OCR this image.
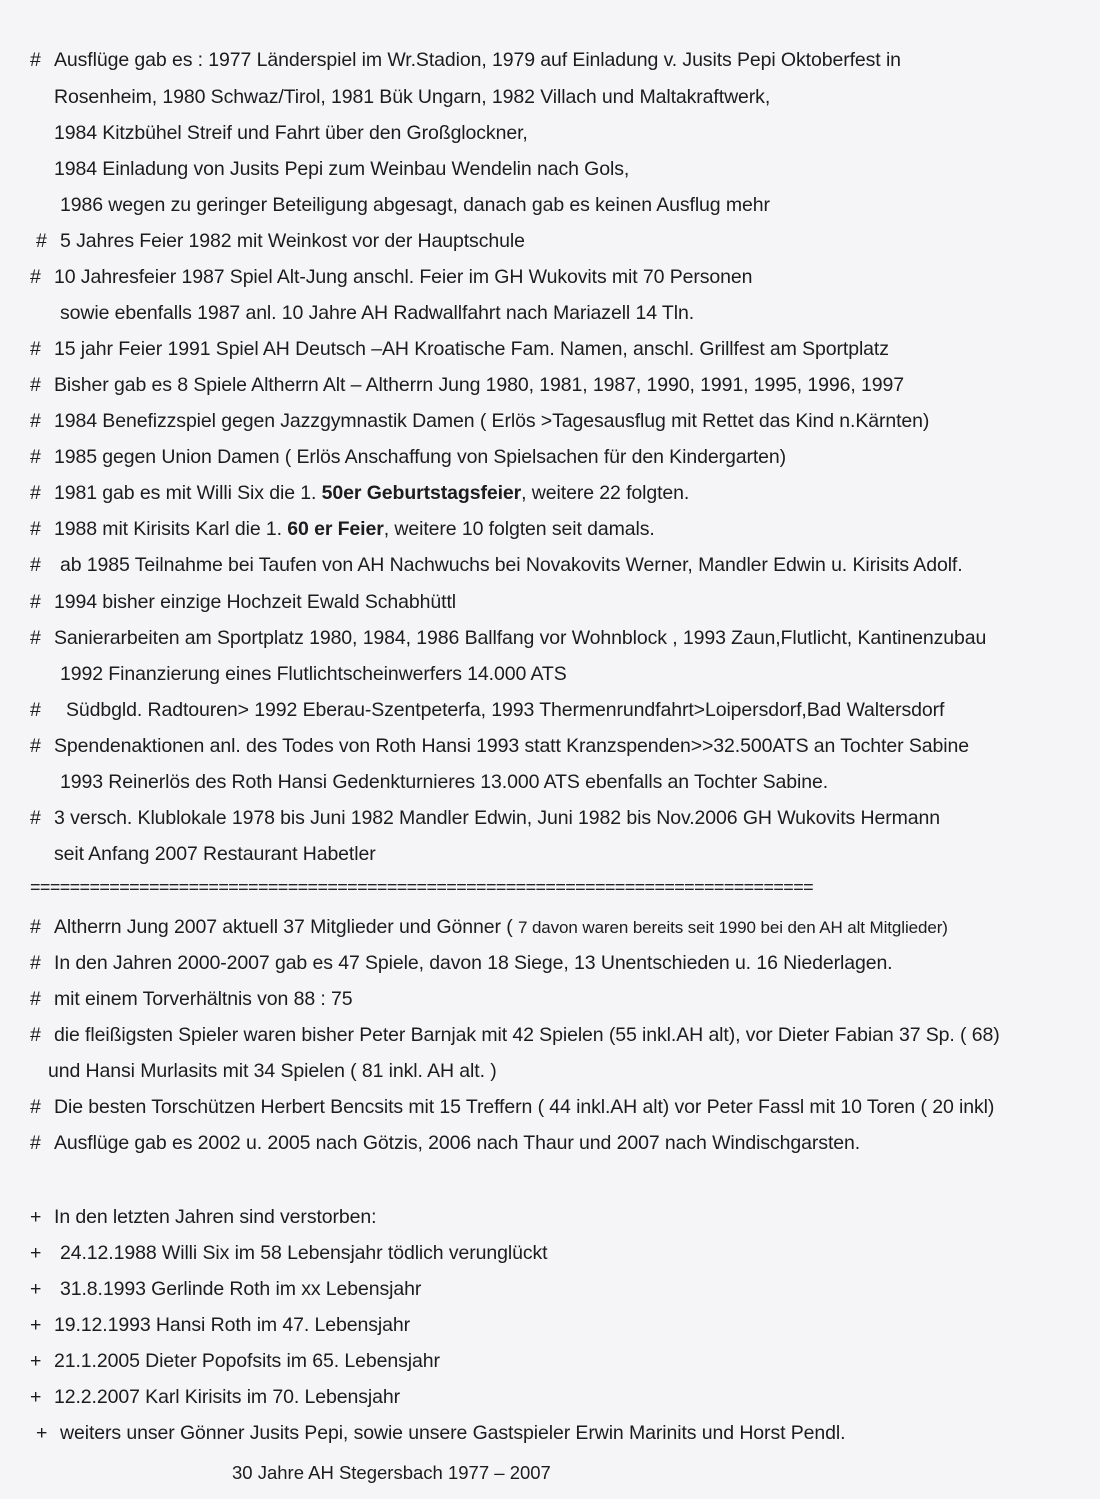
# Ausflüge gab es : 1977 Länderspiel im Wr.Stadion, 1979 auf Einladung v. Jusits Pepi Oktoberfest in
Rosenheim, 1980 Schwaz/Tirol, 1981 Bük Ungarn, 1982 Villach und Maltakraftwerk,
1984 Kitzbühel Streif und Fahrt über den Großglockner,
1984 Einladung von Jusits Pepi zum Weinbau Wendelin nach Gols,
1986 wegen zu geringer Beteiligung abgesagt, danach gab es keinen Ausflug mehr
# 5 Jahres Feier 1982 mit Weinkost vor der Hauptschule
# 10 Jahresfeier 1987 Spiel Alt-Jung anschl. Feier im GH Wukovits mit 70 Personen
sowie ebenfalls 1987 anl. 10 Jahre AH Radwallfahrt nach Mariazell 14 Tln.
# 15 jahr Feier 1991 Spiel AH Deutsch –AH Kroatische Fam. Namen, anschl. Grillfest am Sportplatz
# Bisher gab es 8 Spiele Altherrn Alt – Altherrn Jung 1980, 1981, 1987, 1990, 1991, 1995, 1996, 1997
# 1984 Benefizzspiel gegen Jazzgymnastik Damen ( Erlös >Tagesausflug mit Rettet das Kind n.Kärnten)
# 1985 gegen Union Damen ( Erlös Anschaffung von Spielsachen für den Kindergarten)
# 1981 gab es mit Willi Six die 1. 50er Geburtstagsfeier, weitere 22 folgten.
# 1988 mit Kirisits Karl die 1. 60 er Feier, weitere 10 folgten seit damals.
# ab 1985 Teilnahme bei Taufen von AH Nachwuchs bei Novakovits Werner, Mandler Edwin u. Kirisits Adolf.
# 1994 bisher einzige Hochzeit Ewald Schabhüttl
# Sanierarbeiten am Sportplatz 1980, 1984, 1986 Ballfang vor Wohnblock , 1993 Zaun,Flutlicht, Kantinenzubau
1992 Finanzierung eines Flutlichtscheinwerfers 14.000 ATS
# Südbgld. Radtouren> 1992 Eberau-Szentpeterfa, 1993 Thermenrundfahrt>Loipersdorf,Bad Waltersdorf
# Spendenaktionen anl. des Todes von Roth Hansi 1993 statt Kranzspenden>>32.500ATS an Tochter Sabine
1993 Reinerlös des Roth Hansi Gedenkturnieres 13.000 ATS ebenfalls an Tochter Sabine.
# 3 versch. Klublokale 1978 bis Juni 1982 Mandler Edwin, Juni 1982 bis Nov.2006 GH Wukovits Hermann
seit Anfang 2007 Restaurant Habetler
===============================================================================
# Altherrn Jung 2007 aktuell 37 Mitglieder und Gönner ( 7 davon waren bereits seit 1990 bei den AH alt Mitglieder)
# In den Jahren 2000-2007 gab es 47 Spiele, davon 18 Siege, 13 Unentschieden u. 16 Niederlagen.
# mit einem Torverhältnis von 88 : 75
# die fleißigsten Spieler waren bisher Peter Barnjak mit 42 Spielen (55 inkl.AH alt), vor Dieter Fabian 37 Sp. ( 68)
und Hansi Murlasits mit 34 Spielen ( 81 inkl. AH alt. )
# Die besten Torschützen Herbert Bencsits mit 15 Treffern ( 44 inkl.AH alt) vor Peter Fassl mit 10 Toren ( 20 inkl)
# Ausflüge gab es 2002 u. 2005 nach Götzis, 2006 nach Thaur und 2007 nach Windischgarsten.
+ In den letzten Jahren sind verstorben:
+ 24.12.1988 Willi Six im 58 Lebensjahr tödlich verunglückt
+ 31.8.1993 Gerlinde Roth im xx Lebensjahr
+ 19.12.1993 Hansi Roth im 47. Lebensjahr
+ 21.1.2005 Dieter Popofsits im 65. Lebensjahr
+ 12.2.2007 Karl Kirisits im 70. Lebensjahr
+ weiters unser Gönner Jusits Pepi, sowie unsere Gastspieler Erwin Marinits und Horst Pendl.
30 Jahre AH Stegersbach 1977 – 2007
